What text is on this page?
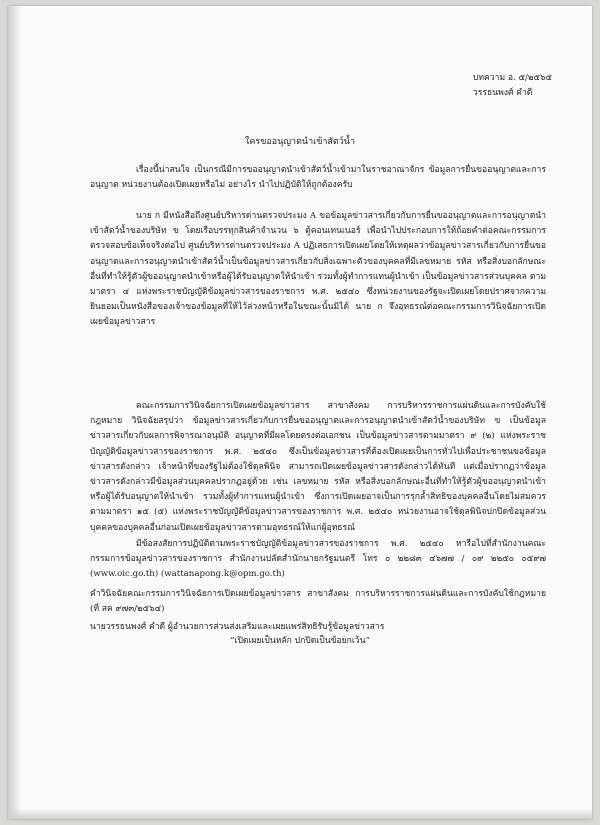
บทความ อ. ๕/๒๕๖๕
วรรธนพงศ์ คำดี
ใครขออนุญาตนำเข้าสัตว์น้ำ
เรื่องนี้น่าสนใจ เป็นกรณีมีการขออนุญาตนำเข้าสัตว์น้ำเข้ามาในราชอาณาจักร ข้อมูลการยื่นขออนุญาตและการอนุญาต หน่วยงานต้องเปิดเผยหรือไม่ อย่างไร นำไปปฏิบัติให้ถูกต้องครับ
นาย ก มีหนังสือถึงศูนย์บริหารด่านตรวจประมง A ขอข้อมูลข่าวสารเกี่ยวกับการยื่นขออนุญาตและการอนุญาตนำเข้าสัตว์น้ำของบริษัท ข โดยเรือบรรทุกสินค้าจำนวน ๖ ตู้คอนเทนเนอร์ เพื่อนำไปประกอบการให้ถ้อยคำต่อคณะกรรมการตรวจสอบข้อเท็จจริงต่อไป ศูนย์บริหารด่านตรวจประมง A ปฏิเสธการเปิดเผยโดยให้เหตุผลว่าข้อมูลข่าวสารเกี่ยวกับการยื่นขออนุญาตและการอนุญาตนำเข้าสัตว์น้ำเป็นข้อมูลข่าวสารเกี่ยวกับสิ่งเฉพาะตัวของบุคคลที่มีเลขหมาย รหัส หรือสิ่งบอกลักษณะอื่นที่ทำให้รู้ตัวผู้ขออนุญาตนำเข้าหรือผู้ได้รับอนุญาตให้นำเข้า รวมทั้งผู้ทำการแทนผู้นำเข้า เป็นข้อมูลข่าวสารส่วนบุคคล ตามมาตรา ๔ แห่งพระราชบัญญัติข้อมูลข่าวสารของราชการ พ.ศ. ๒๕๔๐ ซึ่งหน่วยงานของรัฐจะเปิดเผยโดยปราศจากความยินยอมเป็นหนังสือของเจ้าของข้อมูลที่ให้ไว้ล่วงหน้าหรือในขณะนั้นมิได้ นาย ก จึงอุทธรณ์ต่อคณะกรรมการวินิจฉัยการเปิดเผยข้อมูลข่าวสาร
คณะกรรมการวินิจฉัยการเปิดเผยข้อมูลข่าวสาร สาขาสังคม การบริหารราชการแผ่นดินและการบังคับใช้กฎหมาย วินิจฉัยสรุปว่า ข้อมูลข่าวสารเกี่ยวกับการยื่นขออนุญาตและการอนุญาตนำเข้าสัตว์น้ำของบริษัท ข เป็นข้อมูลข่าวสารเกี่ยวกับผลการพิจารณาอนุมัติ อนุญาตที่มีผลโดยตรงต่อเอกชน เป็นข้อมูลข่าวสารตามมาตรา ๙ (๒) แห่งพระราชบัญญัติข้อมูลข่าวสารของราชการ พ.ศ. ๒๕๔๐ ซึ่งเป็นข้อมูลข่าวสารที่ต้องเปิดเผยเป็นการทั่วไปเพื่อประชาชนขอข้อมูลข่าวสารดังกล่าว เจ้าหน้าที่ของรัฐไม่ต้องใช้ดุลพินิจ สามารถเปิดเผยข้อมูลข่าวสารดังกล่าวได้ทันที แต่เมื่อปรากฏว่าข้อมูลข่าวสารดังกล่าวมีข้อมูลส่วนบุคคลปรากฏอยู่ด้วย เช่น เลขหมาย รหัส หรือสิ่งบอกลักษณะอื่นที่ทำให้รู้ตัวผู้ขออนุญาตนำเข้าหรือผู้ได้รับอนุญาตให้นำเข้า รวมทั้งผู้ทำการแทนผู้นำเข้า ซึ่งการเปิดเผยอาจเป็นการรุกล้ำสิทธิของบุคคลอื่นโดยไม่สมควร ตามมาตรา ๑๕ (๕) แห่งพระราชบัญญัติข้อมูลข่าวสารของราชการ พ.ศ. ๒๕๔๐ หน่วยงานอาจใช้ดุลพินิจปกปิดข้อมูลส่วนบุคคลของบุคคลอื่นก่อนเปิดเผยข้อมูลข่าวสารตามอุทธรณ์ให้แก่ผู้อุทธรณ์
มีข้อสงสัยการปฏิบัติตามพระราชบัญญัติข้อมูลข่าวสารของราชการ พ.ศ. ๒๕๔๐ หารือไปที่สำนักงานคณะกรรมการข้อมูลข่าวสารของราชการ สำนักงานปลัดสำนักนายกรัฐมนตรี โทร ๐ ๒๒๘๓ ๔๖๗๗ / ๐๙ ๒๒๕๐ ๐๕๙๗ (www.oic.go.th) (wattanapong.k@opm.go.th)
คำวินิจฉัยคณะกรรมการวินิจฉัยการเปิดเผยข้อมูลข่าวสาร สาขาสังคม การบริหารราชการแผ่นดินและการบังคับใช้กฎหมาย (ที่ สค ๙๗๓/๒๕๖๔)
นายวรรธนพงศ์ คำดี ผู้อำนวยการส่วนส่งเสริมและเผยแพร่สิทธิรับรู้ข้อมูลข่าวสาร
“เปิดเผยเป็นหลัก ปกปิดเป็นข้อยกเว้น”
